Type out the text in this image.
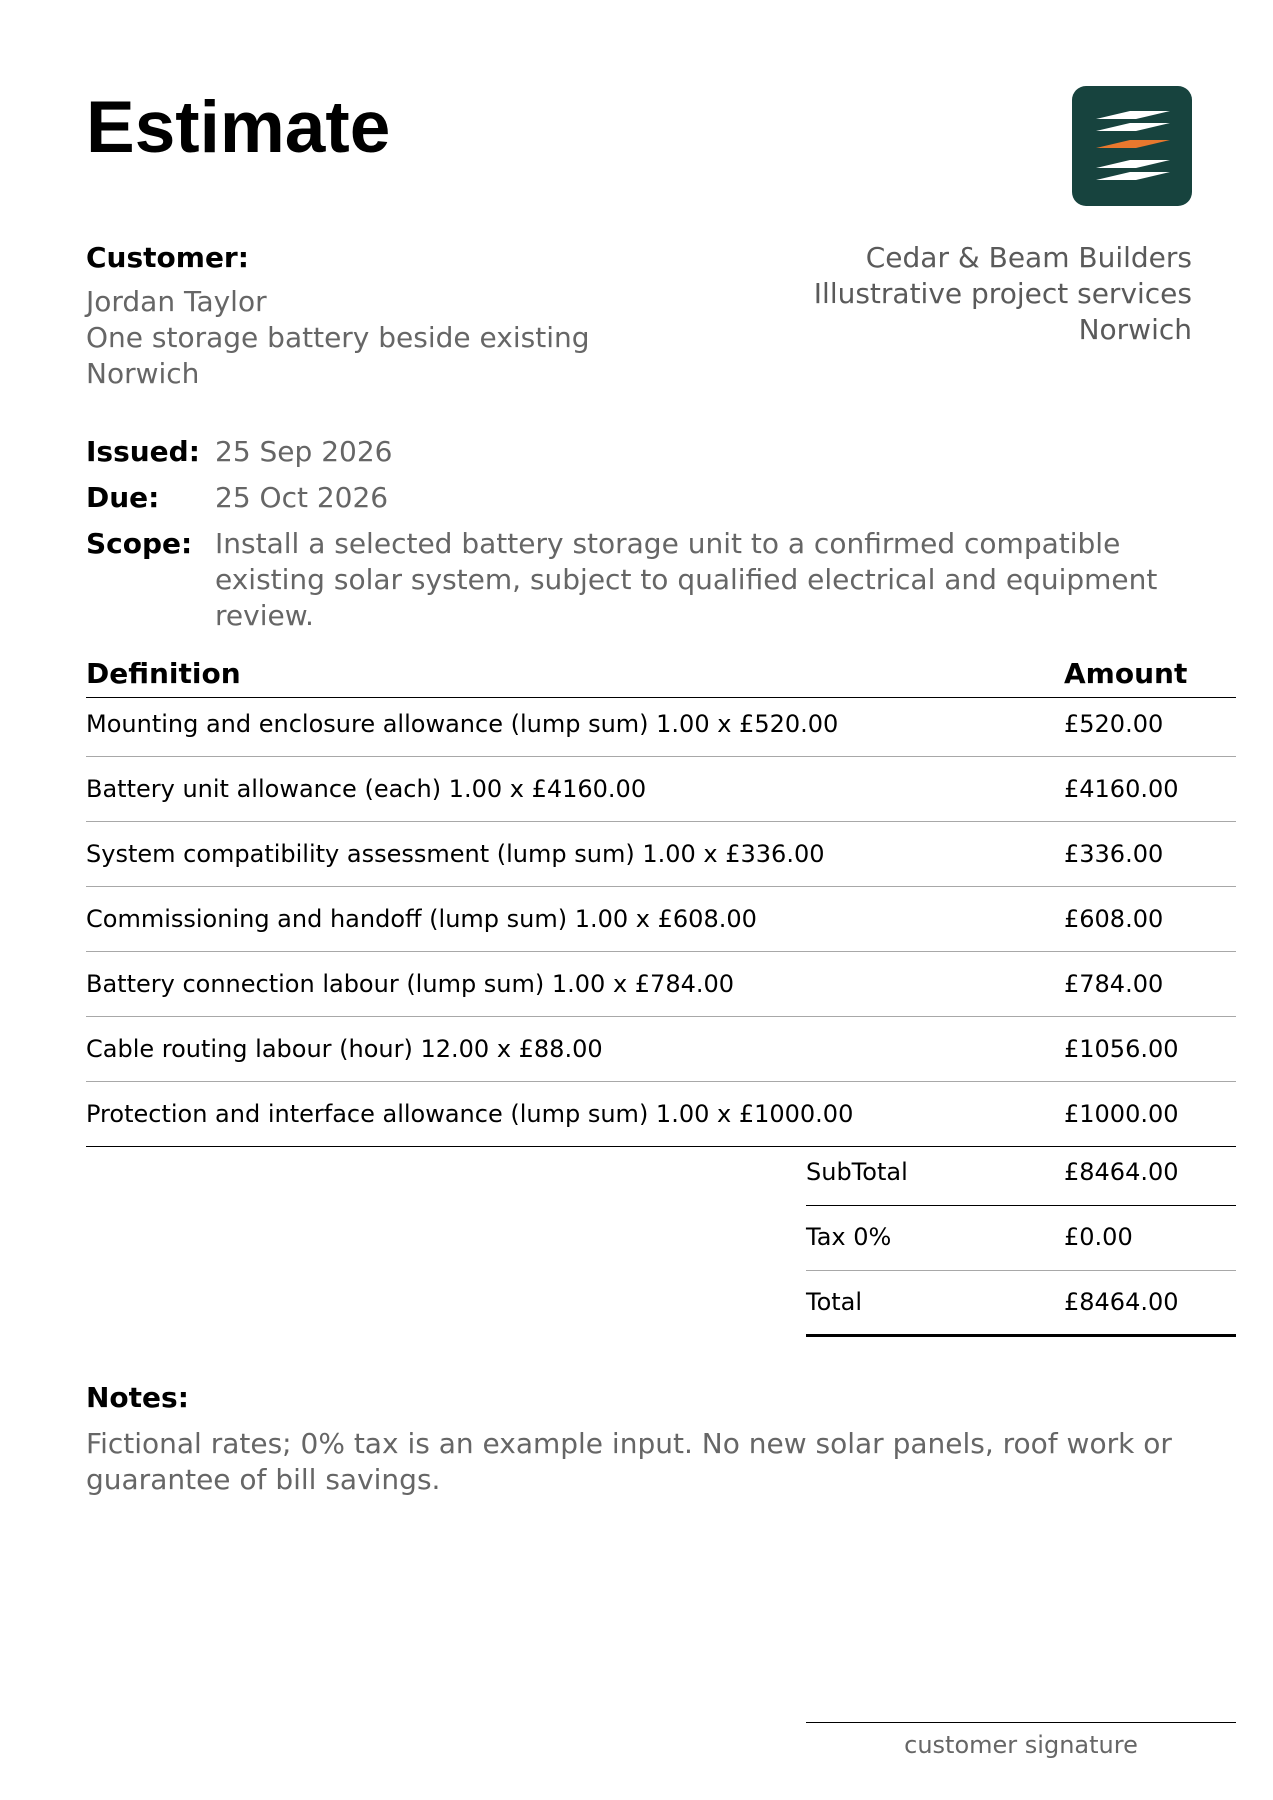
Estimate
Cedar & Beam Builders
Illustrative project services
Norwich
Customer:
Jordan Taylor
One storage battery beside existing
Norwich
Issued: 25 Sep 2026
Due: 25 Oct 2026
Scope: Install a selected battery storage unit to a confirmed compatible existing solar system, subject to qualified electrical and equipment review.
Definition	Amount
Mounting and enclosure allowance (lump sum) 1.00 x £520.00	£520.00
Battery unit allowance (each) 1.00 x £4160.00	£4160.00
System compatibility assessment (lump sum) 1.00 x £336.00	£336.00
Commissioning and handoff (lump sum) 1.00 x £608.00	£608.00
Battery connection labour (lump sum) 1.00 x £784.00	£784.00
Cable routing labour (hour) 12.00 x £88.00	£1056.00
Protection and interface allowance (lump sum) 1.00 x £1000.00	£1000.00
SubTotal	£8464.00
Tax 0%	£0.00
Total	£8464.00
Notes:
Fictional rates; 0% tax is an example input. No new solar panels, roof work or guarantee of bill savings.
customer signature
